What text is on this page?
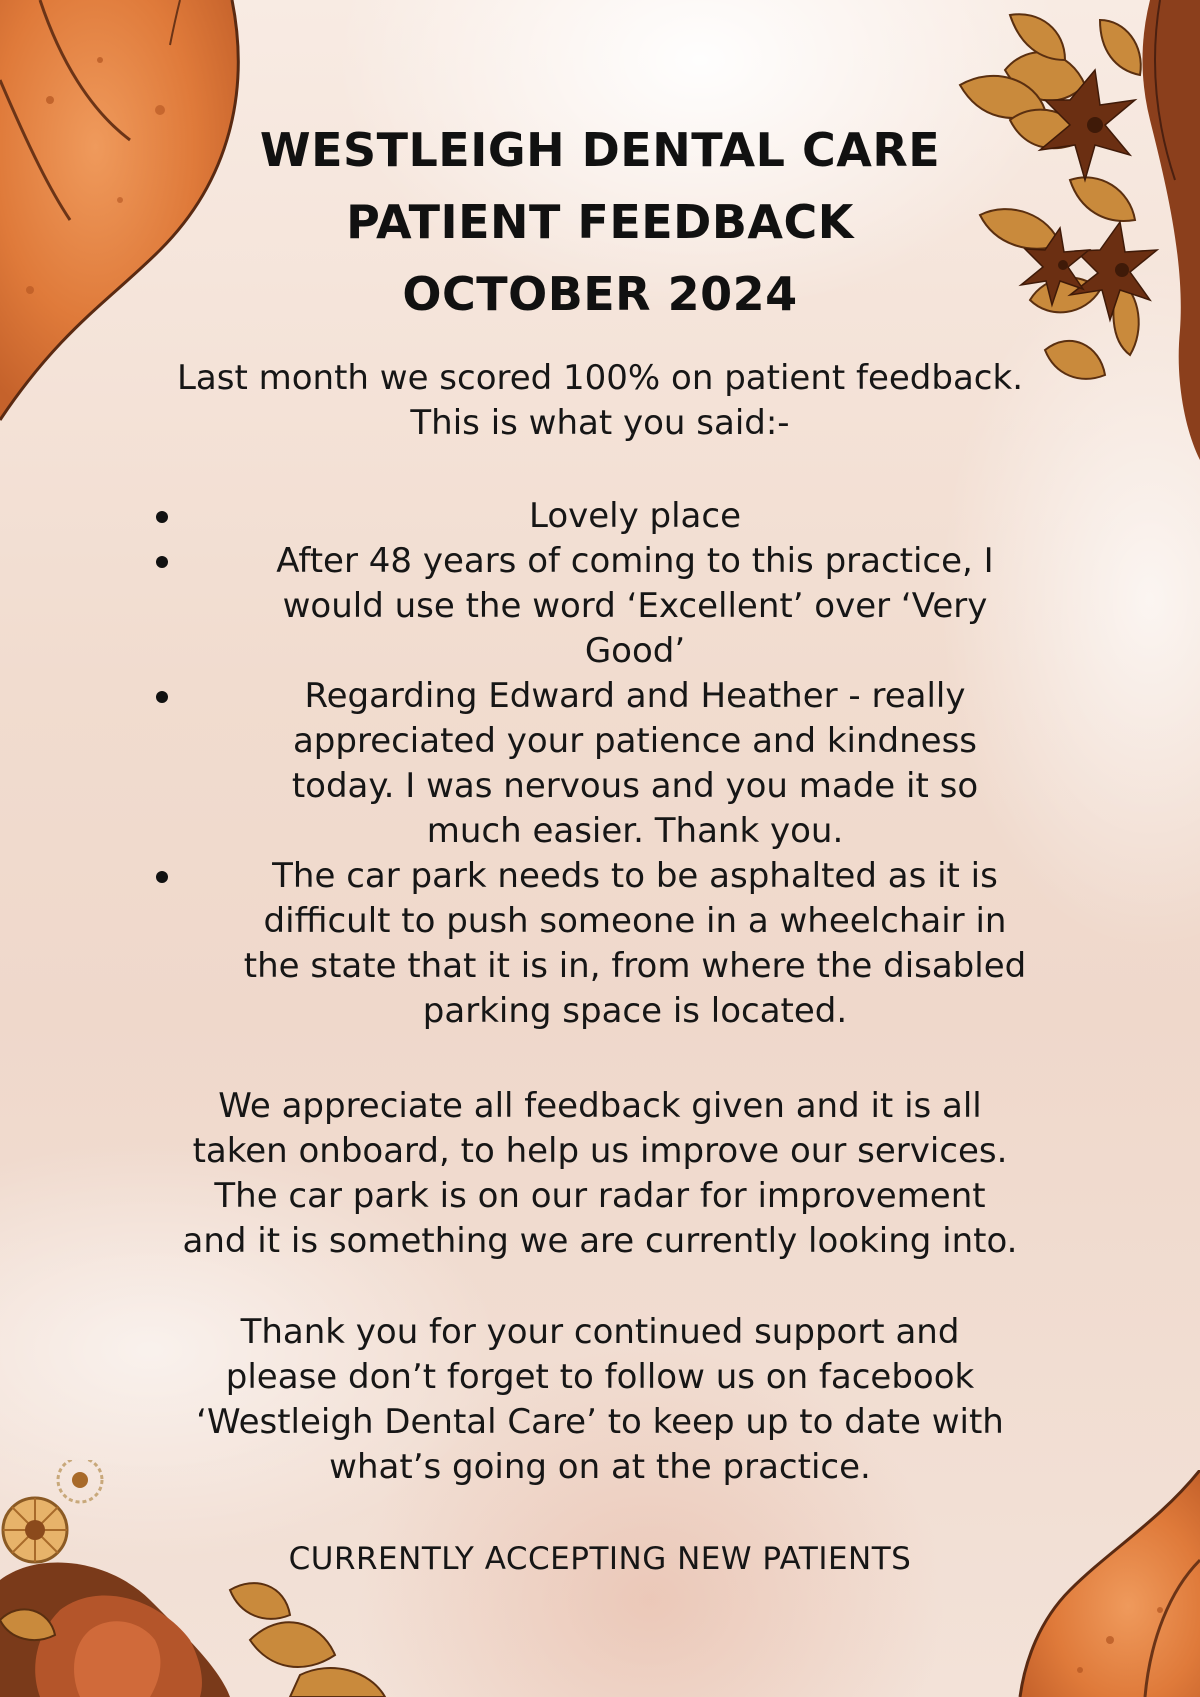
WESTLEIGH DENTAL CARE
PATIENT FEEDBACK
OCTOBER 2024
Last month we scored 100% on patient feedback.
This is what you said:-
Lovely place
After 48 years of coming to this practice, I
would use the word ‘Excellent’ over ‘Very
Good’
Regarding Edward and Heather - really
appreciated your patience and kindness
today. I was nervous and you made it so
much easier. Thank you.
The car park needs to be asphalted as it is
difficult to push someone in a wheelchair in
the state that it is in, from where the disabled
parking space is located.
We appreciate all feedback given and it is all
taken onboard, to help us improve our services.
The car park is on our radar for improvement
and it is something we are currently looking into.
Thank you for your continued support and
please don’t forget to follow us on facebook
‘Westleigh Dental Care’ to keep up to date with
what’s going on at the practice.
CURRENTLY ACCEPTING NEW PATIENTS
